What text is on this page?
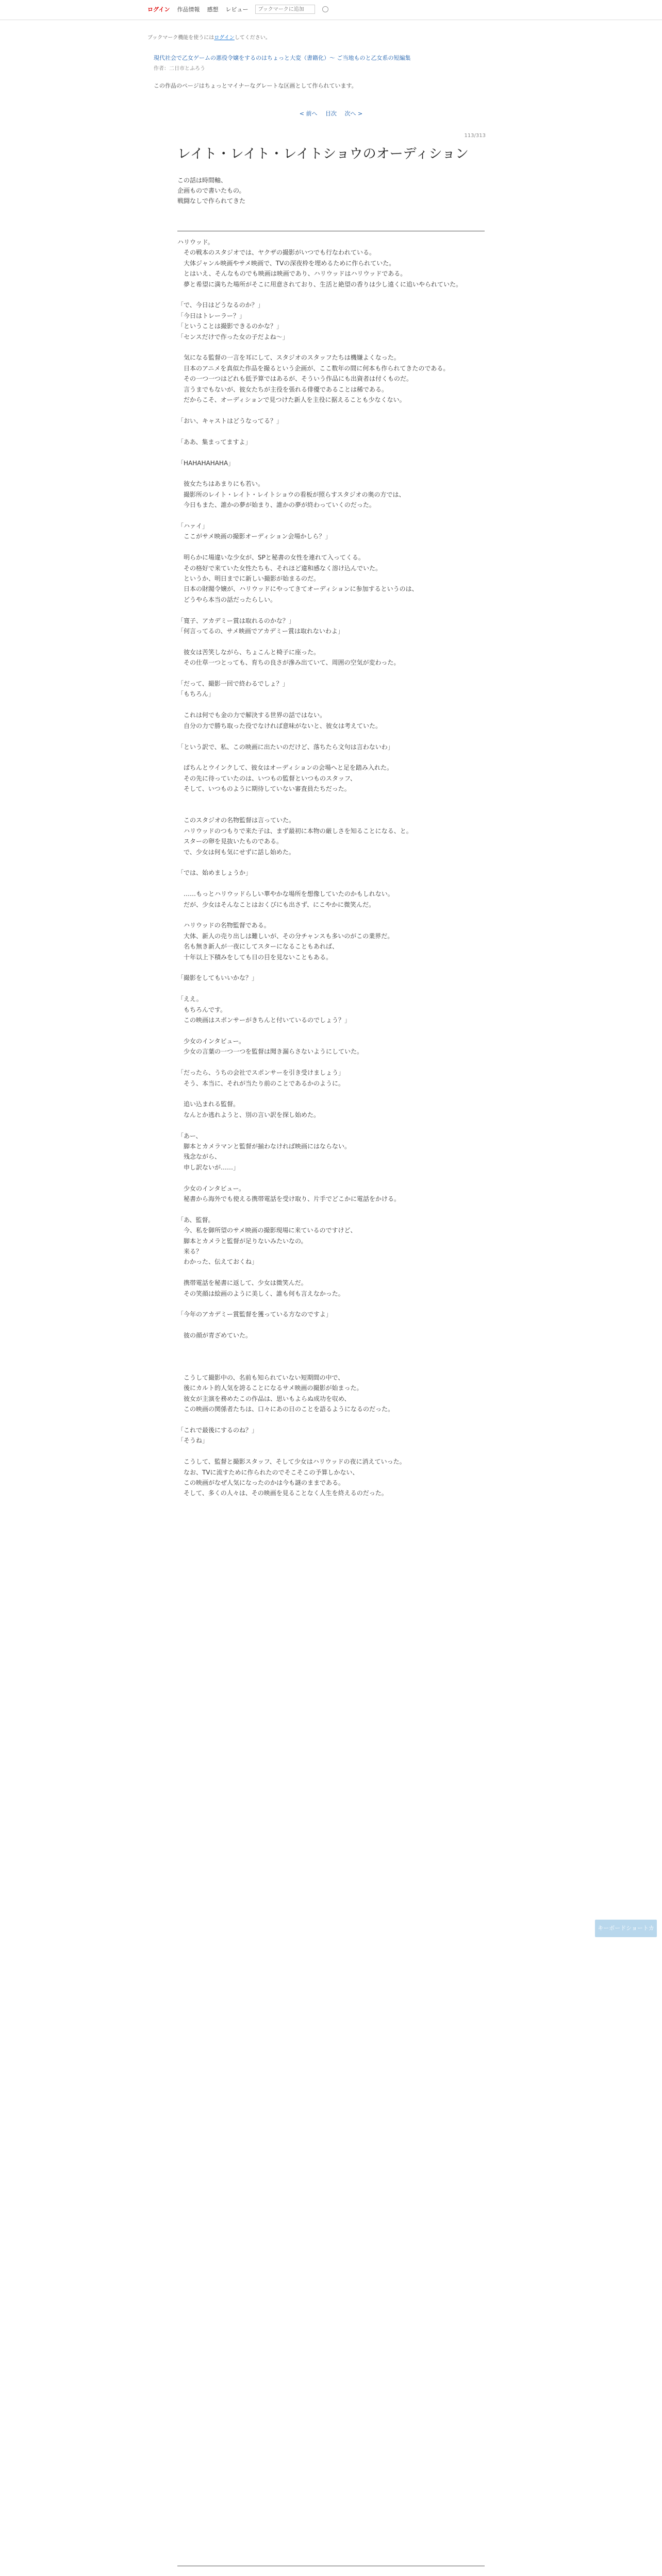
ログイン 作品情報 感想 レビュー
ブックマークに追加
ブックマーク機能を使うにはログインしてください。
現代社会で乙女ゲームの悪役令嬢をするのはちょっと大変（書籍化）〜 ご当地ものと乙女系の短編集
作者：二日市とふろう
この作品のページはちょっとマイナーなグレートな区画として作られています。
< 前へ 目次 次へ >
113/313
レイト・レイト・レイトショウのオーディション
この話は時間軸、
企画もので書いたもの。
戦闘なしで作られてきた
ハリウッド。
　その戦本のスタジオでは、ヤクザの撮影がいつでも行なわれている。
　大体ジャンル映画やサメ映画で、TVの深夜枠を埋めるために作られていた。
　とはいえ、そんなものでも映画は映画であり、ハリウッドはハリウッドである。
　夢と希望に満ちた場所がそこに用意されており、生活と絶望の香りは少し遠くに追いやられていた。

「で、今日はどうなるのか？」
「今日はトレーラー？」
「ということは撮影できるのかな？」
「センスだけで作った女の子だよね～」

　気になる監督の一言を耳にして、スタジオのスタッフたちは機嫌よくなった。
　日本のアニメを真似た作品を撮るという企画が、ここ数年の間に何本も作られてきたのである。
　その一つ一つはどれも低予算ではあるが、そういう作品にも出資者は付くものだ。
　言うまでもないが、彼女たちが主役を張れる俳優であることは稀である。
　だからこそ、オーディションで見つけた新人を主役に据えることも少なくない。

「おい、キャストはどうなってる？」

「ああ、集まってますよ」

「HAHAHAHAHA」

　彼女たちはあまりにも若い。
　撮影所のレイト・レイト・レイトショウの看板が照らすスタジオの奥の方では、
　今日もまた、誰かの夢が始まり、誰かの夢が終わっていくのだった。

「ハァイ」
　ここがサメ映画の撮影オーディション会場かしら？」

　明らかに場違いな少女が、SPと秘書の女性を連れて入ってくる。
　その格好で来ていた女性たちも、それほど違和感なく溶け込んでいた。
　というか、明日までに新しい撮影が始まるのだ。
　日本の財閥令嬢が、ハリウッドにやってきてオーディションに参加するというのは、
　どうやら本当の話だったらしい。

「寛子、アカデミー賞は取れるのかな？」
「何言ってるの、サメ映画でアカデミー賞は取れないわよ」

　彼女は苦笑しながら、ちょこんと椅子に座った。
　その仕草一つとっても、育ちの良さが滲み出ていて、周囲の空気が変わった。

「だって、撮影一回で終わるでしょ？」
「もちろん」

　これは何でも金の力で解決する世界の話ではない。
　自分の力で勝ち取った役でなければ意味がないと、彼女は考えていた。

「という訳で、私、この映画に出たいのだけど、落ちたら文句は言わないわ」

　ぱちんとウインクして、彼女はオーディションの会場へと足を踏み入れた。
　その先に待っていたのは、いつもの監督といつものスタッフ、
　そして、いつものように期待していない審査員たちだった。

　このスタジオの名物監督は言っていた。
　ハリウッドのつもりで来た子は、まず最初に本物の厳しさを知ることになる、と。
　スターの卵を見抜いたものである。
　で、少女は何も気にせずに話し始めた。

「では、始めましょうか」

　……もっとハリウッドらしい華やかな場所を想像していたのかもしれない。
　だが、少女はそんなことはおくびにも出さず、にこやかに微笑んだ。

　ハリウッドの名物監督である。
　大体、新人の売り出しは難しいが、その分チャンスも多いのがこの業界だ。
　名も無き新人が一夜にしてスターになることもあれば、
　十年以上下積みをしても日の目を見ないこともある。

「撮影をしてもいいかな？」

「ええ。
　もちろんです。
　この映画はスポンサーがきちんと付いているのでしょう？」

　少女のインタビュー。
　少女の言葉の一つ一つを監督は聞き漏らさないようにしていた。

「だったら、うちの会社でスポンサーを引き受けましょう」
　そう、本当に、それが当たり前のことであるかのように。

　追い込まれる監督。
　なんとか逃れようと、別の言い訳を探し始めた。

「あー、
　脚本とカメラマンと監督が揃わなければ映画にはならない。
　残念ながら、
　申し訳ないが……」

　少女のインタビュー。
　秘書から海外でも使える携帯電話を受け取り、片手でどこかに電話をかける。

「あ、監督。
　今、私を御所望のサメ映画の撮影現場に来ているのですけど、
　脚本とカメラと監督が足りないみたいなの。
　来る？
　わかった、伝えておくね」

　携帯電話を秘書に返して、少女は微笑んだ。
　その笑顔は絵画のように美しく、誰も何も言えなかった。

「今年のアカデミー賞監督を獲っている方なのですよ」

　彼の顔が青ざめていた。

　こうして撮影中の、名前も知られていない短期間の中で、
　後にカルト的人気を誇ることになるサメ映画の撮影が始まった。
　彼女が主演を務めたこの作品は、思いもよらぬ成功を収め、
　この映画の関係者たちは、口々にあの日のことを語るようになるのだった。

「これで最後にするのね？」
「そうね」

　こうして、監督と撮影スタッフ、そして少女はハリウッドの夜に消えていった。
　なお、TVに流すために作られたのでそこそこの予算しかない、
　この映画がなぜ人気になったのかは今も謎のままである。
　そして、多くの人々は、その映画を見ることなく人生を終えるのだった。
キーボードショートカット
